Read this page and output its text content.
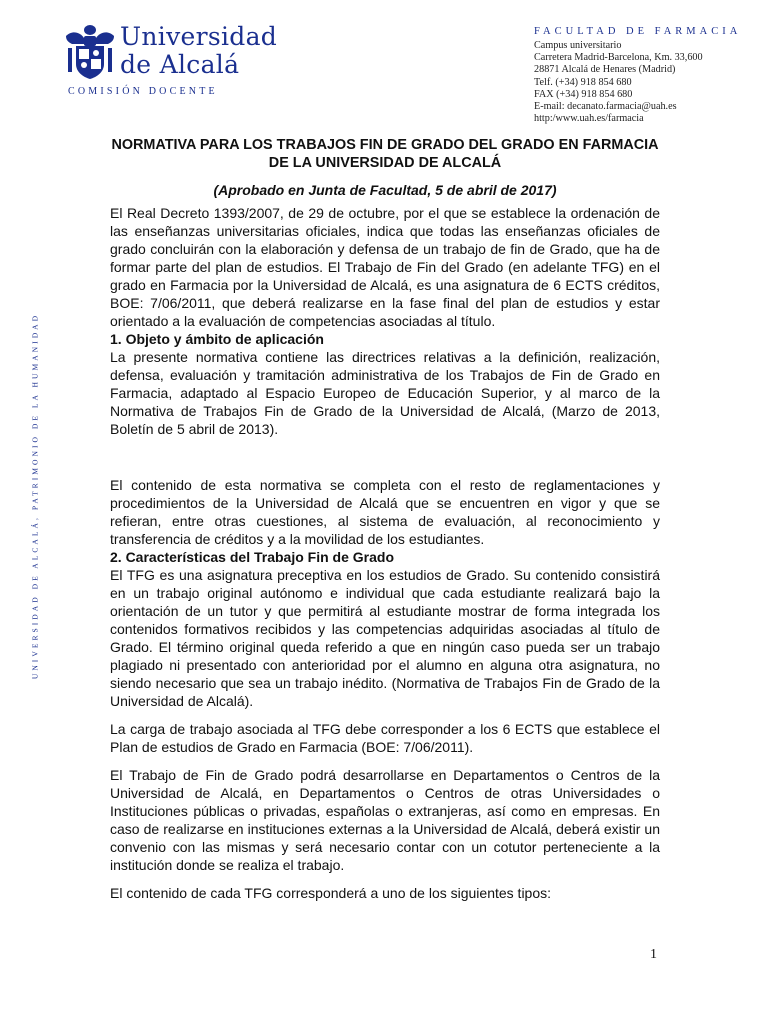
Universidad
de Alcalá
COMISIÓN DOCENTE
FACULTAD DE FARMACIA
Campus universitario
Carretera Madrid-Barcelona, Km. 33,600
28871 Alcalá de Henares (Madrid)
Telf. (+34) 918 854 680
FAX (+34) 918 854 680
E-mail: decanato.farmacia@uah.es
http:/www.uah.es/farmacia
UNIVERSIDAD DE ALCALÁ, PATRIMONIO DE LA HUMANIDAD
NORMATIVA PARA LOS TRABAJOS FIN DE GRADO DEL GRADO EN FARMACIA DE LA UNIVERSIDAD DE ALCALÁ
(Aprobado en Junta de Facultad, 5 de abril de 2017)

El Real Decreto 1393/2007, de 29 de octubre, por el que se establece la ordenación de las enseñanzas universitarias oficiales, indica que todas las enseñanzas oficiales de grado concluirán con la elaboración y defensa de un trabajo de fin de Grado, que ha de formar parte del plan de estudios. El Trabajo de Fin del Grado (en adelante TFG) en el grado en Farmacia por la Universidad de Alcalá, es una asignatura de 6 ECTS créditos, BOE: 7/06/2011, que deberá realizarse en la fase final del plan de estudios y estar orientado a la evaluación de competencias asociadas al título.

1. Objeto y ámbito de aplicación

La presente normativa contiene las directrices relativas a la definición, realización, defensa, evaluación y tramitación administrativa de los Trabajos de Fin de Grado en Farmacia, adaptado al Espacio Europeo de Educación Superior, y al marco de la Normativa de Trabajos Fin de Grado de la Universidad de Alcalá, (Marzo de 2013, Boletín de 5 abril de 2013).

El contenido de esta normativa se completa con el resto de reglamentaciones y procedimientos de la Universidad de Alcalá que se encuentren en vigor y que se refieran, entre otras cuestiones, al sistema de evaluación, al reconocimiento y transferencia de créditos y a la movilidad de los estudiantes.

2. Características del Trabajo Fin de Grado

El TFG es una asignatura preceptiva en los estudios de Grado. Su contenido consistirá en un trabajo original autónomo e individual que cada estudiante realizará bajo la orientación de un tutor y que permitirá al estudiante mostrar de forma integrada los contenidos formativos recibidos y las competencias adquiridas asociadas al título de Grado. El término original queda referido a que en ningún caso pueda ser un trabajo plagiado ni presentado con anterioridad por el alumno en alguna otra asignatura, no siendo necesario que sea un trabajo inédito. (Normativa de Trabajos Fin de Grado de la Universidad de Alcalá).

La carga de trabajo asociada al TFG debe corresponder a los 6 ECTS que establece el Plan de estudios de Grado en Farmacia (BOE: 7/06/2011).

El Trabajo de Fin de Grado podrá desarrollarse en Departamentos o Centros de la Universidad de Alcalá, en Departamentos o Centros de otras Universidades o Instituciones públicas o privadas, españolas o extranjeras, así como en empresas. En caso de realizarse en instituciones externas a la Universidad de Alcalá, deberá existir un convenio con las mismas y será necesario contar con un cotutor perteneciente a la institución donde se realiza el trabajo.

El contenido de cada TFG corresponderá a uno de los siguientes tipos:

1
